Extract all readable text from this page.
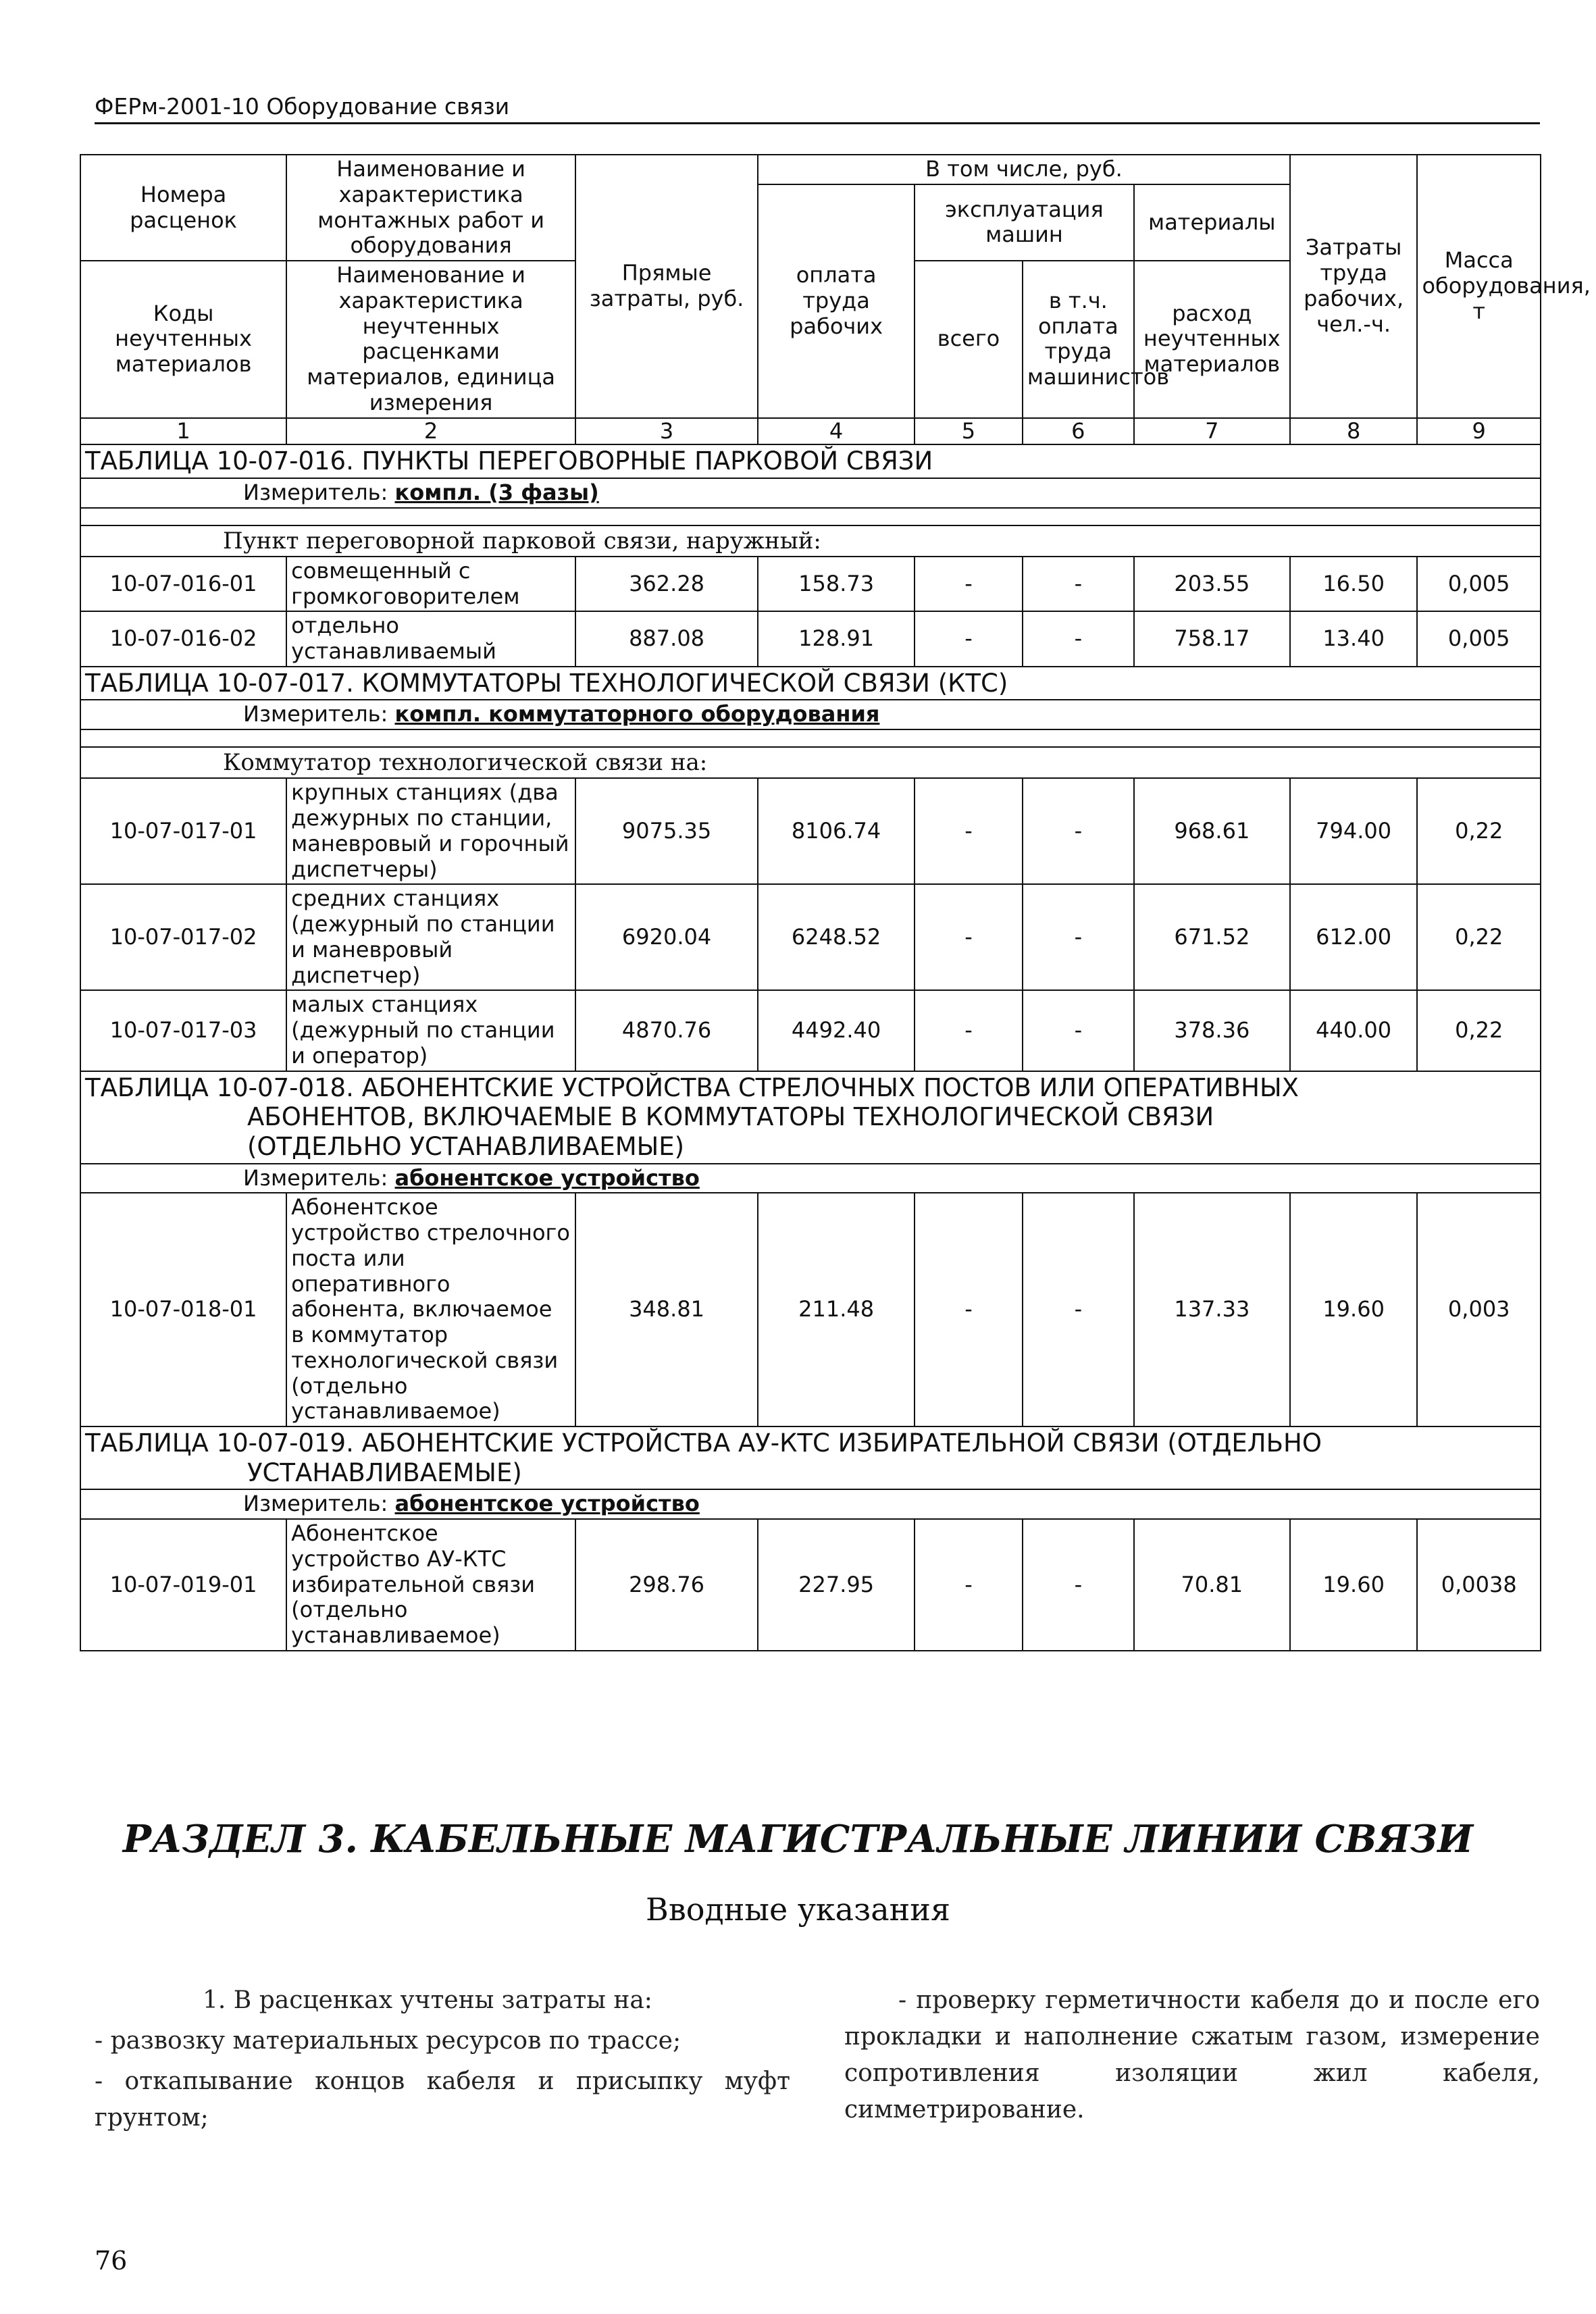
ФЕРм-2001-10 Оборудование связи
Номера расценок	Наименование и характеристика монтажных работ и оборудования	Прямые затраты, руб.	В том числе, руб.				Затраты труда рабочих, чел.-ч.	Масса оборудования, т
			оплата труда рабочих	эксплуатация машин		материалы		
Коды неучтенных материалов	Наименование и характеристика неучтенных расценками материалов, единица измерения			всего	в т.ч. оплата труда машинистов	расход неучтенных материалов		

1	2	3	4	5	6	7	8	9
ТАБЛИЦА 10-07-016. ПУНКТЫ ПЕРЕГОВОРНЫЕ ПАРКОВОЙ СВЯЗИ								
Измеритель: компл. (3 фазы)								

Пункт переговорной парковой связи, наружный:								
10-07-016-01	совмещенный с громкоговорителем	362.28	158.73	-	-	203.55	16.50	0,005
10-07-016-02	отдельно устанавливаемый	887.08	128.91	-	-	758.17	13.40	0,005
ТАБЛИЦА 10-07-017. КОММУТАТОРЫ ТЕХНОЛОГИЧЕСКОЙ СВЯЗИ (КТС)								
Измеритель: компл. коммутаторного оборудования								

Коммутатор технологической связи на:								
10-07-017-01	крупных станциях (два дежурных по станции, маневровый и горочный диспетчеры)	9075.35	8106.74	-	-	968.61	794.00	0,22
10-07-017-02	средних станциях (дежурный по станции и маневровый диспетчер)	6920.04	6248.52	-	-	671.52	612.00	0,22
10-07-017-03	малых станциях (дежурный по станции и оператор)	4870.76	4492.40	-	-	378.36	440.00	0,22
ТАБЛИЦА 10-07-018. АБОНЕНТСКИЕ УСТРОЙСТВА СТРЕЛОЧНЫХ ПОСТОВ ИЛИ ОПЕРАТИВНЫХ
АБОНЕНТОВ, ВКЛЮЧАЕМЫЕ В КОММУТАТОРЫ ТЕХНОЛОГИЧЕСКОЙ СВЯЗИ
(ОТДЕЛЬНО УСТАНАВЛИВАЕМЫЕ)								

Измеритель: абонентское устройство								
10-07-018-01	Абонентское устройство стрелочного поста или оперативного абонента, включаемое в коммутатор технологической связи (отдельно устанавливаемое)	348.81	211.48	-	-	137.33	19.60	0,003
ТАБЛИЦА 10-07-019. АБОНЕНТСКИЕ УСТРОЙСТВА АУ-КТС ИЗБИРАТЕЛЬНОЙ СВЯЗИ (ОТДЕЛЬНО
УСТАНАВЛИВАЕМЫЕ)								

Измеритель: абонентское устройство								
10-07-019-01	Абонентское устройство АУ-КТС избирательной связи (отдельно устанавливаемое)	298.76	227.95	-	-	70.81	19.60	0,0038
РАЗДЕЛ 3. КАБЕЛЬНЫЕ МАГИСТРАЛЬНЫЕ ЛИНИИ СВЯЗИ
Вводные указания

1. В расценках учтены затраты на:

- развозку материальных ресурсов по трассе;

- откапывание концов кабеля и присыпку муфт грунтом;

- проверку герметичности кабеля до и после его прокладки и наполнение сжатым газом, измерение сопротивления изоляции жил кабеля, симметрирование.

76
